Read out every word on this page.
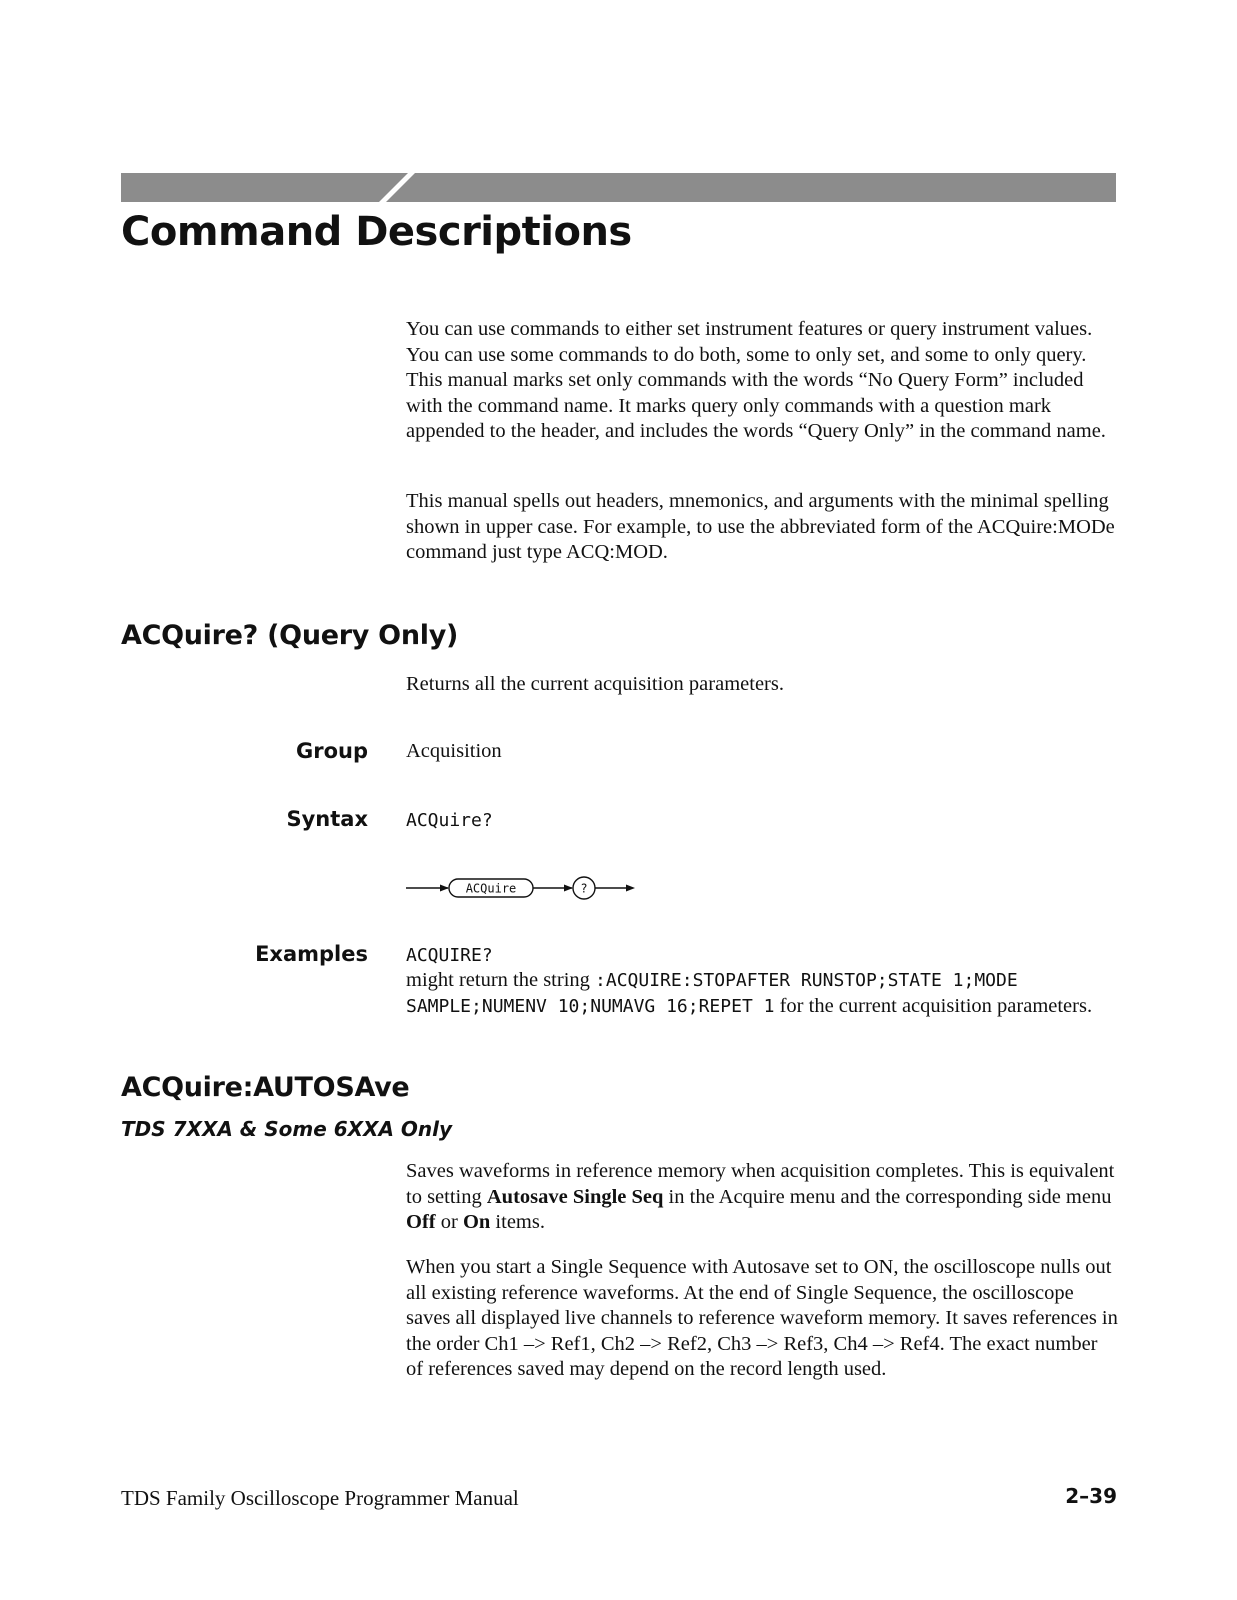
Command Descriptions

You can use commands to either set instrument features or query instrument values. You can use some commands to do both, some to only set, and some to only query. This manual marks set only commands with the words “No Query Form” included with the command name. It marks query only commands with a question mark appended to the header, and includes the words “Query Only” in the command name.

This manual spells out headers, mnemonics, and arguments with the minimal spelling shown in upper case. For example, to use the abbreviated form of the ACQuire:MODe command just type ACQ:MOD.

ACQuire? (Query Only)

Returns all the current acquisition parameters.

Group Acquisition

Syntax ACQuire?

ACQuire	?

Examples ACQUIRE?

might return the string :ACQUIRE:STOPAFTER RUNSTOP;STATE 1;MODE
SAMPLE;NUMENV 10;NUMAVG 16;REPET 1 for the current acquisition parameters.

ACQuire:AUTOSAve

TDS 7XXA & Some 6XXA Only

Saves waveforms in reference memory when acquisition completes. This is equivalent to setting Autosave Single Seq in the Acquire menu and the corresponding side menu Off or On items.

When you start a Single Sequence with Autosave set to ON, the oscilloscope nulls out all existing reference waveforms. At the end of Single Sequence, the oscilloscope saves all displayed live channels to reference waveform memory. It saves references in the order Ch1 –> Ref1, Ch2 –> Ref2, Ch3 –> Ref3, Ch4 –> Ref4. The exact number of references saved may depend on the record length used.

TDS Family Oscilloscope Programmer Manual	2–39
